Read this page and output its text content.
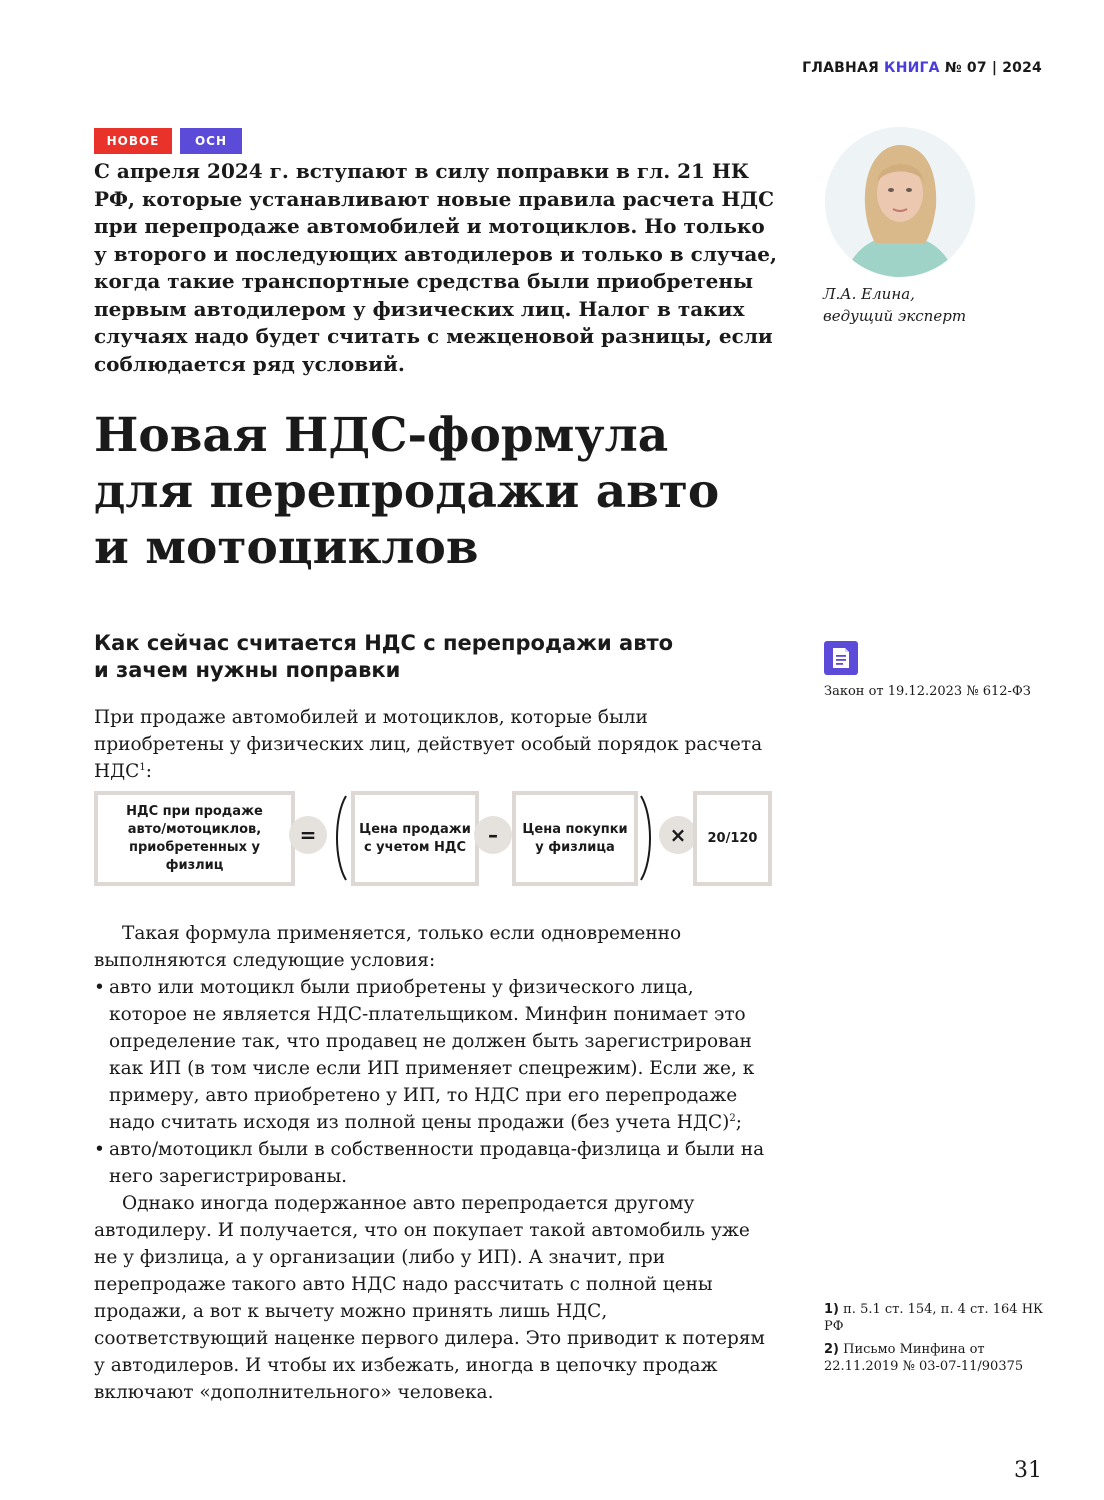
ГЛАВНАЯ КНИГА № 07 | 2024
НОВОЕ	ОСН
С апреля 2024 г. вступают в силу поправки в гл. 21 НК РФ, которые устанавливают новые правила расчета НДС при перепродаже автомобилей и мотоциклов. Но только у второго и последующих автодилеров и только в случае, когда такие транспортные средства были приобретены первым автодилером у физических лиц. Налог в таких случаях надо будет считать с межценовой разницы, если соблюдается ряд условий.
Л.А. Елина,
ведущий эксперт
Новая НДС-формула
для перепродажи авто
и мотоциклов
Как сейчас считается НДС с перепродажи авто
и зачем нужны поправки
Закон от 19.12.2023 № 612-ФЗ
При продаже автомобилей и мотоциклов, которые были приобретены у физических лиц, действует особый порядок расчета НДС$^1$:
НДС при продаже
авто/мотоциклов,
приобретенных у физлиц
=	Цена продажи
с учетом НДС	–	Цена покупки
у физлица	×	20/120
Такая формула применяется, только если одновременно выполняются следующие условия:
• авто или мотоцикл были приобретены у физического лица, которое не является НДС-плательщиком. Минфин понимает это определение так, что продавец не должен быть зарегистрирован как ИП (в том числе если ИП применяет спецрежим). Если же, к примеру, авто приобретено у ИП, то НДС при его перепродаже надо считать исходя из полной цены продажи (без учета НДС)$^2$;
• авто/мотоцикл были в собственности продавца-физлица и были на него зарегистрированы.
Однако иногда подержанное авто перепродается другому автодилеру. И получается, что он покупает такой автомобиль уже не у физлица, а у организации (либо у ИП). А значит, при перепродаже такого авто НДС надо рассчитать с полной цены продажи, а вот к вычету можно принять лишь НДС, соответствующий наценке первого дилера. Это приводит к потерям у автодилеров. И чтобы их избежать, иногда в цепочку продаж включают «дополнительного» человека.
1) п. 5.1 ст. 154, п. 4 ст. 164 НК РФ
2) Письмо Минфина от 22.11.2019 № 03-07-11/90375
31
